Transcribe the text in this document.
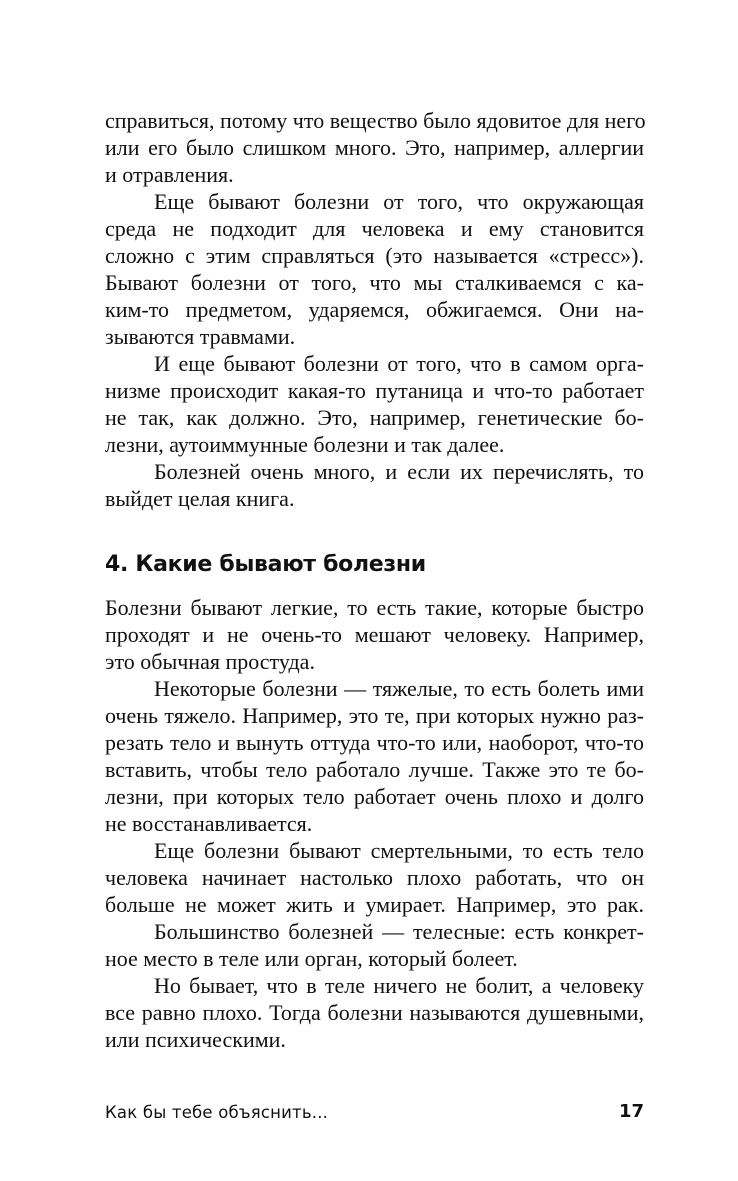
справиться, потому что вещество было ядовитое для него
или его было слишком много. Это, например, аллергии
и отравления.
Еще бывают болезни от того, что окружающая
среда не подходит для человека и ему становится
сложно с этим справляться (это называется «стресс»).
Бывают болезни от того, что мы сталкиваемся с ка-
ким-то предметом, ударяемся, обжигаемся. Они на-
зываются травмами.
И еще бывают болезни от того, что в самом орга-
низме происходит какая-то путаница и что-то работает
не так, как должно. Это, например, генетические бо-
лезни, аутоиммунные болезни и так далее.
Болезней очень много, и если их перечислять, то
выйдет целая книга.
4. Какие бывают болезни
Болезни бывают легкие, то есть такие, которые быстро
проходят и не очень-то мешают человеку. Например,
это обычная простуда.
Некоторые болезни — тяжелые, то есть болеть ими
очень тяжело. Например, это те, при которых нужно раз-
резать тело и вынуть оттуда что-то или, наоборот, что-то
вставить, чтобы тело работало лучше. Также это те бо-
лезни, при которых тело работает очень плохо и долго
не восстанавливается.
Еще болезни бывают смертельными, то есть тело
человека начинает настолько плохо работать, что он
больше не может жить и умирает. Например, это рак.
Большинство болезней — телесные: есть конкрет-
ное место в теле или орган, который болеет.
Но бывает, что в теле ничего не болит, а человеку
все равно плохо. Тогда болезни называются душевными,
или психическими.
Как бы тебе объяснить...	17
